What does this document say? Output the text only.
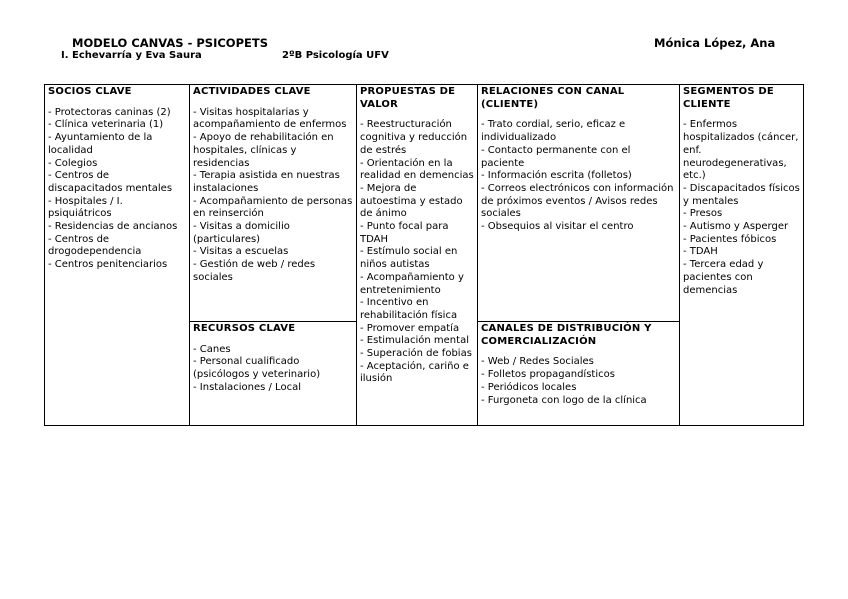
MODELO CANVAS - PSICOPETS	Mónica López, Ana
I. Echevarría y Eva Saura	2ºB Psicología UFV
SOCIOS CLAVE
- Protectoras caninas (2)
- Clínica veterinaria (1)
- Ayuntamiento de la localidad
- Colegios
- Centros de discapacitados mentales
- Hospitales / I. psiquiátricos
- Residencias de ancianos
- Centros de drogodependencia
- Centros penitenciarios
ACTIVIDADES CLAVE
- Visitas hospitalarias y acompañamiento de enfermos
- Apoyo de rehabilitación en hospitales, clínicas y residencias
- Terapia asistida en nuestras instalaciones
- Acompañamiento de personas en reinserción
- Visitas a domicilio (particulares)
- Visitas a escuelas
- Gestión de web / redes sociales
RECURSOS CLAVE
- Canes
- Personal cualificado (psicólogos y veterinario)
- Instalaciones / Local
PROPUESTAS DE VALOR
- Reestructuración cognitiva y reducción de estrés
- Orientación en la realidad en demencias
- Mejora de autoestima y estado de ánimo
- Punto focal para TDAH
- Estímulo social en niños autistas
- Acompañamiento y entretenimiento
- Incentivo en rehabilitación física
- Promover empatía
- Estimulación mental
- Superación de fobias
- Aceptación, cariño e ilusión
RELACIONES CON CANAL (CLIENTE)
- Trato cordial, serio, eficaz e individualizado
- Contacto permanente con el paciente
- Información escrita (folletos)
- Correos electrónicos con información de próximos eventos / Avisos redes sociales
- Obsequios al visitar el centro
CANALES DE DISTRIBUCIÓN Y COMERCIALIZACIÓN
- Web / Redes Sociales
- Folletos propagandísticos
- Periódicos locales
- Furgoneta con logo de la clínica
SEGMENTOS DE CLIENTE
- Enfermos hospitalizados (cáncer, enf. neurodegenerativas, etc.)
- Discapacitados físicos y mentales
- Presos
- Autismo y Asperger
- Pacientes fóbicos
- TDAH
- Tercera edad y pacientes con demencias
